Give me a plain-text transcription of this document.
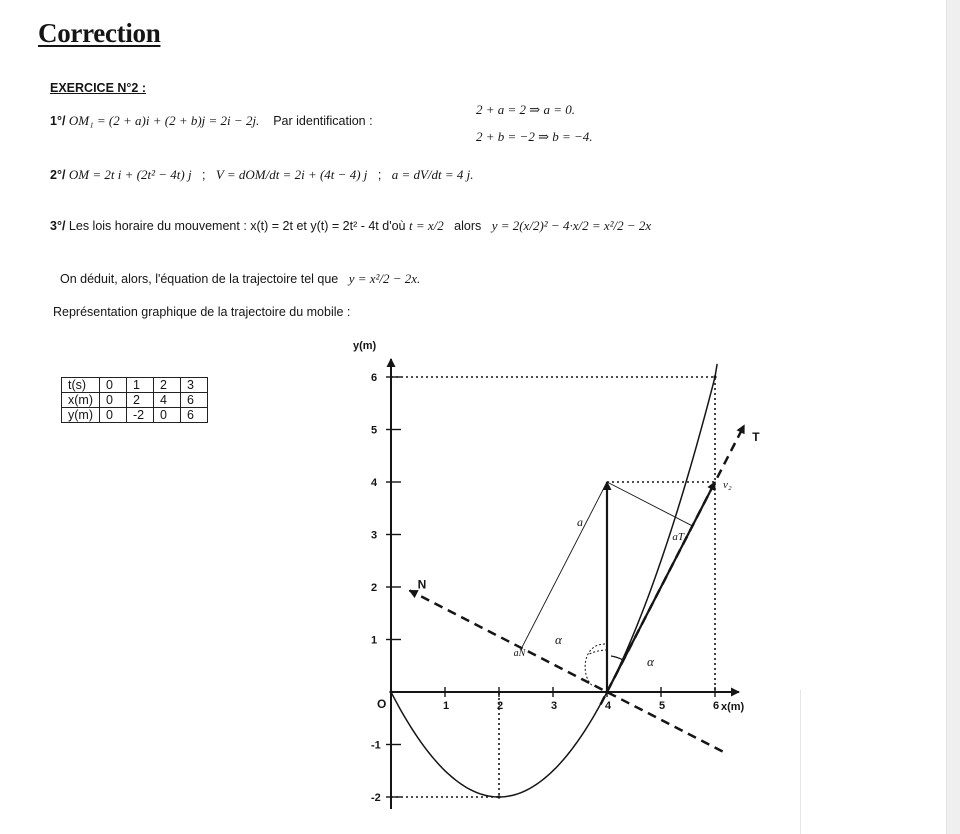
Correction
EXERCICE N°2 :
1°/ OM₁ = (2 + a)i + (2 + b)j = 2i − 2j. Par identification :
2 + a = 2 ⇒ a = 0.
2 + b = −2 ⇒ b = −4.
2°/ OM = 2t i + (2t² − 4t) j ; V = dOM/dt = 2i + (4t − 4) j ; a = dV/dt = 4 j.
3°/ Les lois horaire du mouvement : x(t) = 2t et y(t) = 2t² - 4t d'où t = x/2 alors y = 2(x/2)² − 4·x/2 = x²/2 − 2x
On déduit, alors, l'équation de la trajectoire tel que y = x²/2 − 2x.
Représentation graphique de la trajectoire du mobile :
t(s)	0	1	2	3
x(m)	0	2	4	6
y(m)	0	-2	0	6
1	2	3	4	5	6
6
5
4
3
2
1
-1
-2
y(m)
x(m)
O
T
N
v₂
a
aT
aN
α
α
